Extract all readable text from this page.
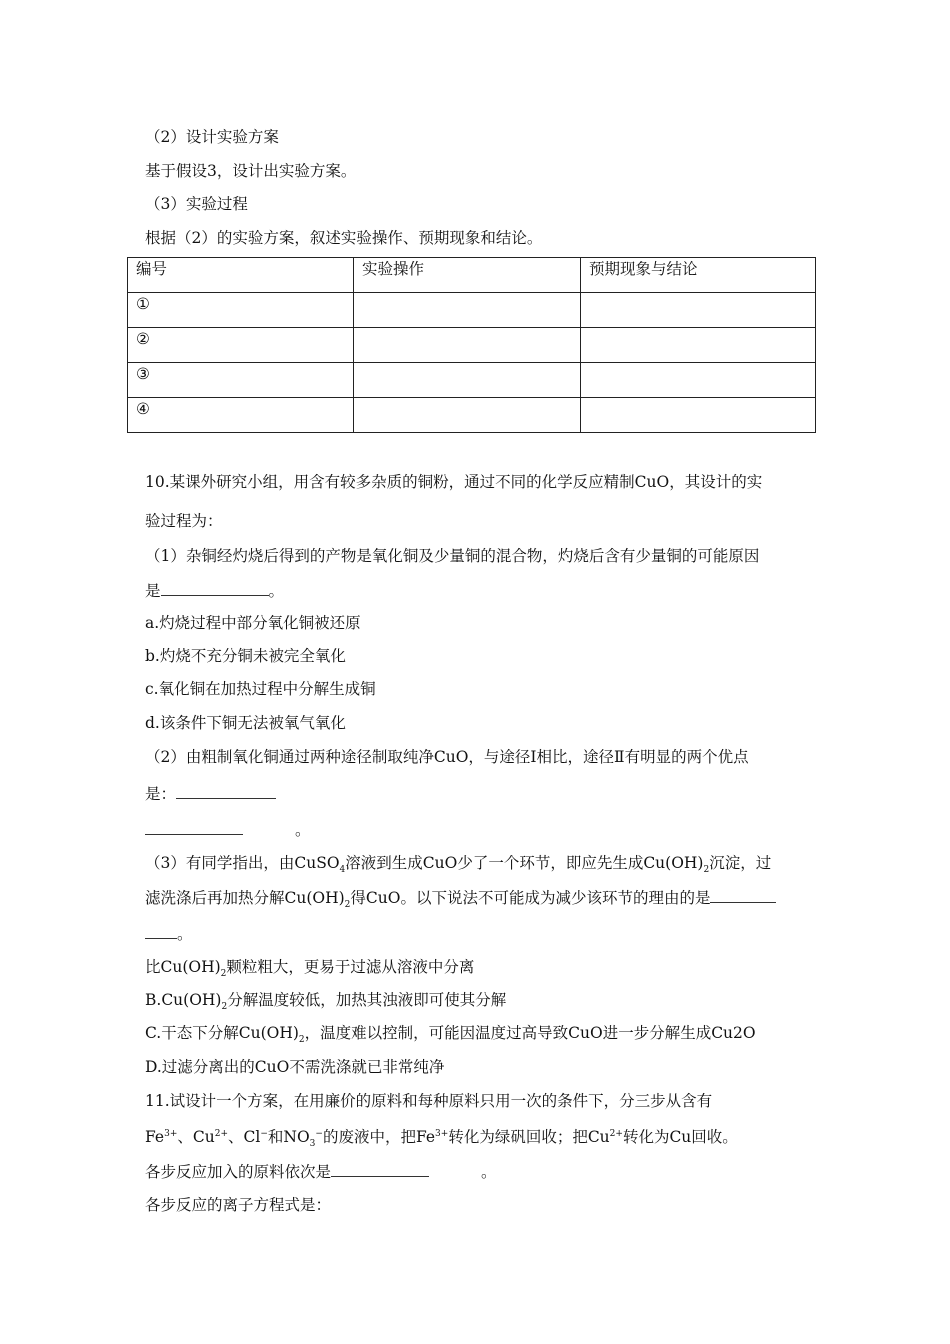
（2）设计实验方案
基于假设3，设计出实验方案。
（3）实验过程
根据（2）的实验方案，叙述实验操作、预期现象和结论。
编号	实验操作	预期现象与结论
①		
②		
③		
④		
10.某课外研究小组，用含有较多杂质的铜粉，通过不同的化学反应精制CuO，其设计的实
验过程为：
（1）杂铜经灼烧后得到的产物是氧化铜及少量铜的混合物，灼烧后含有少量铜的可能原因
是	。
a.灼烧过程中部分氧化铜被还原
b.灼烧不充分铜未被完全氧化
c.氧化铜在加热过程中分解生成铜
d.该条件下铜无法被氧气氧化
（2）由粗制氧化铜通过两种途径制取纯净CuO，与途径Ⅰ相比，途径Ⅱ有明显的两个优点
是：
。
（3）有同学指出，由CuSO$_4$溶液到生成CuO少了一个环节，即应先生成$Cu(OH)_2$沉淀，过
滤洗涤后再加热分解$Cu(OH)_2$得CuO。以下说法不可能成为减少该环节的理由的是
。
比$Cu(OH)_2$颗粒粗大，更易于过滤从溶液中分离
$B.Cu(OH)_2$分解温度较低，加热其浊液即可使其分解
C.干态下分解$Cu(OH)_2$，温度难以控制，可能因温度过高导致CuO进一步分解生成Cu2O
D.过滤分离出的CuO不需洗涤就已非常纯净
11.试设计一个方案，在用廉价的原料和每种原料只用一次的条件下，分三步从含有
$Fe^{3+}$、$Cu^{2+}$、Cl−和$NO_3^-$的废液中，把$Fe^{3+}$转化为绿矾回收；把$Cu^{2+}$转化为Cu回收。
各步反应加入的原料依次是	。
各步反应的离子方程式是：
